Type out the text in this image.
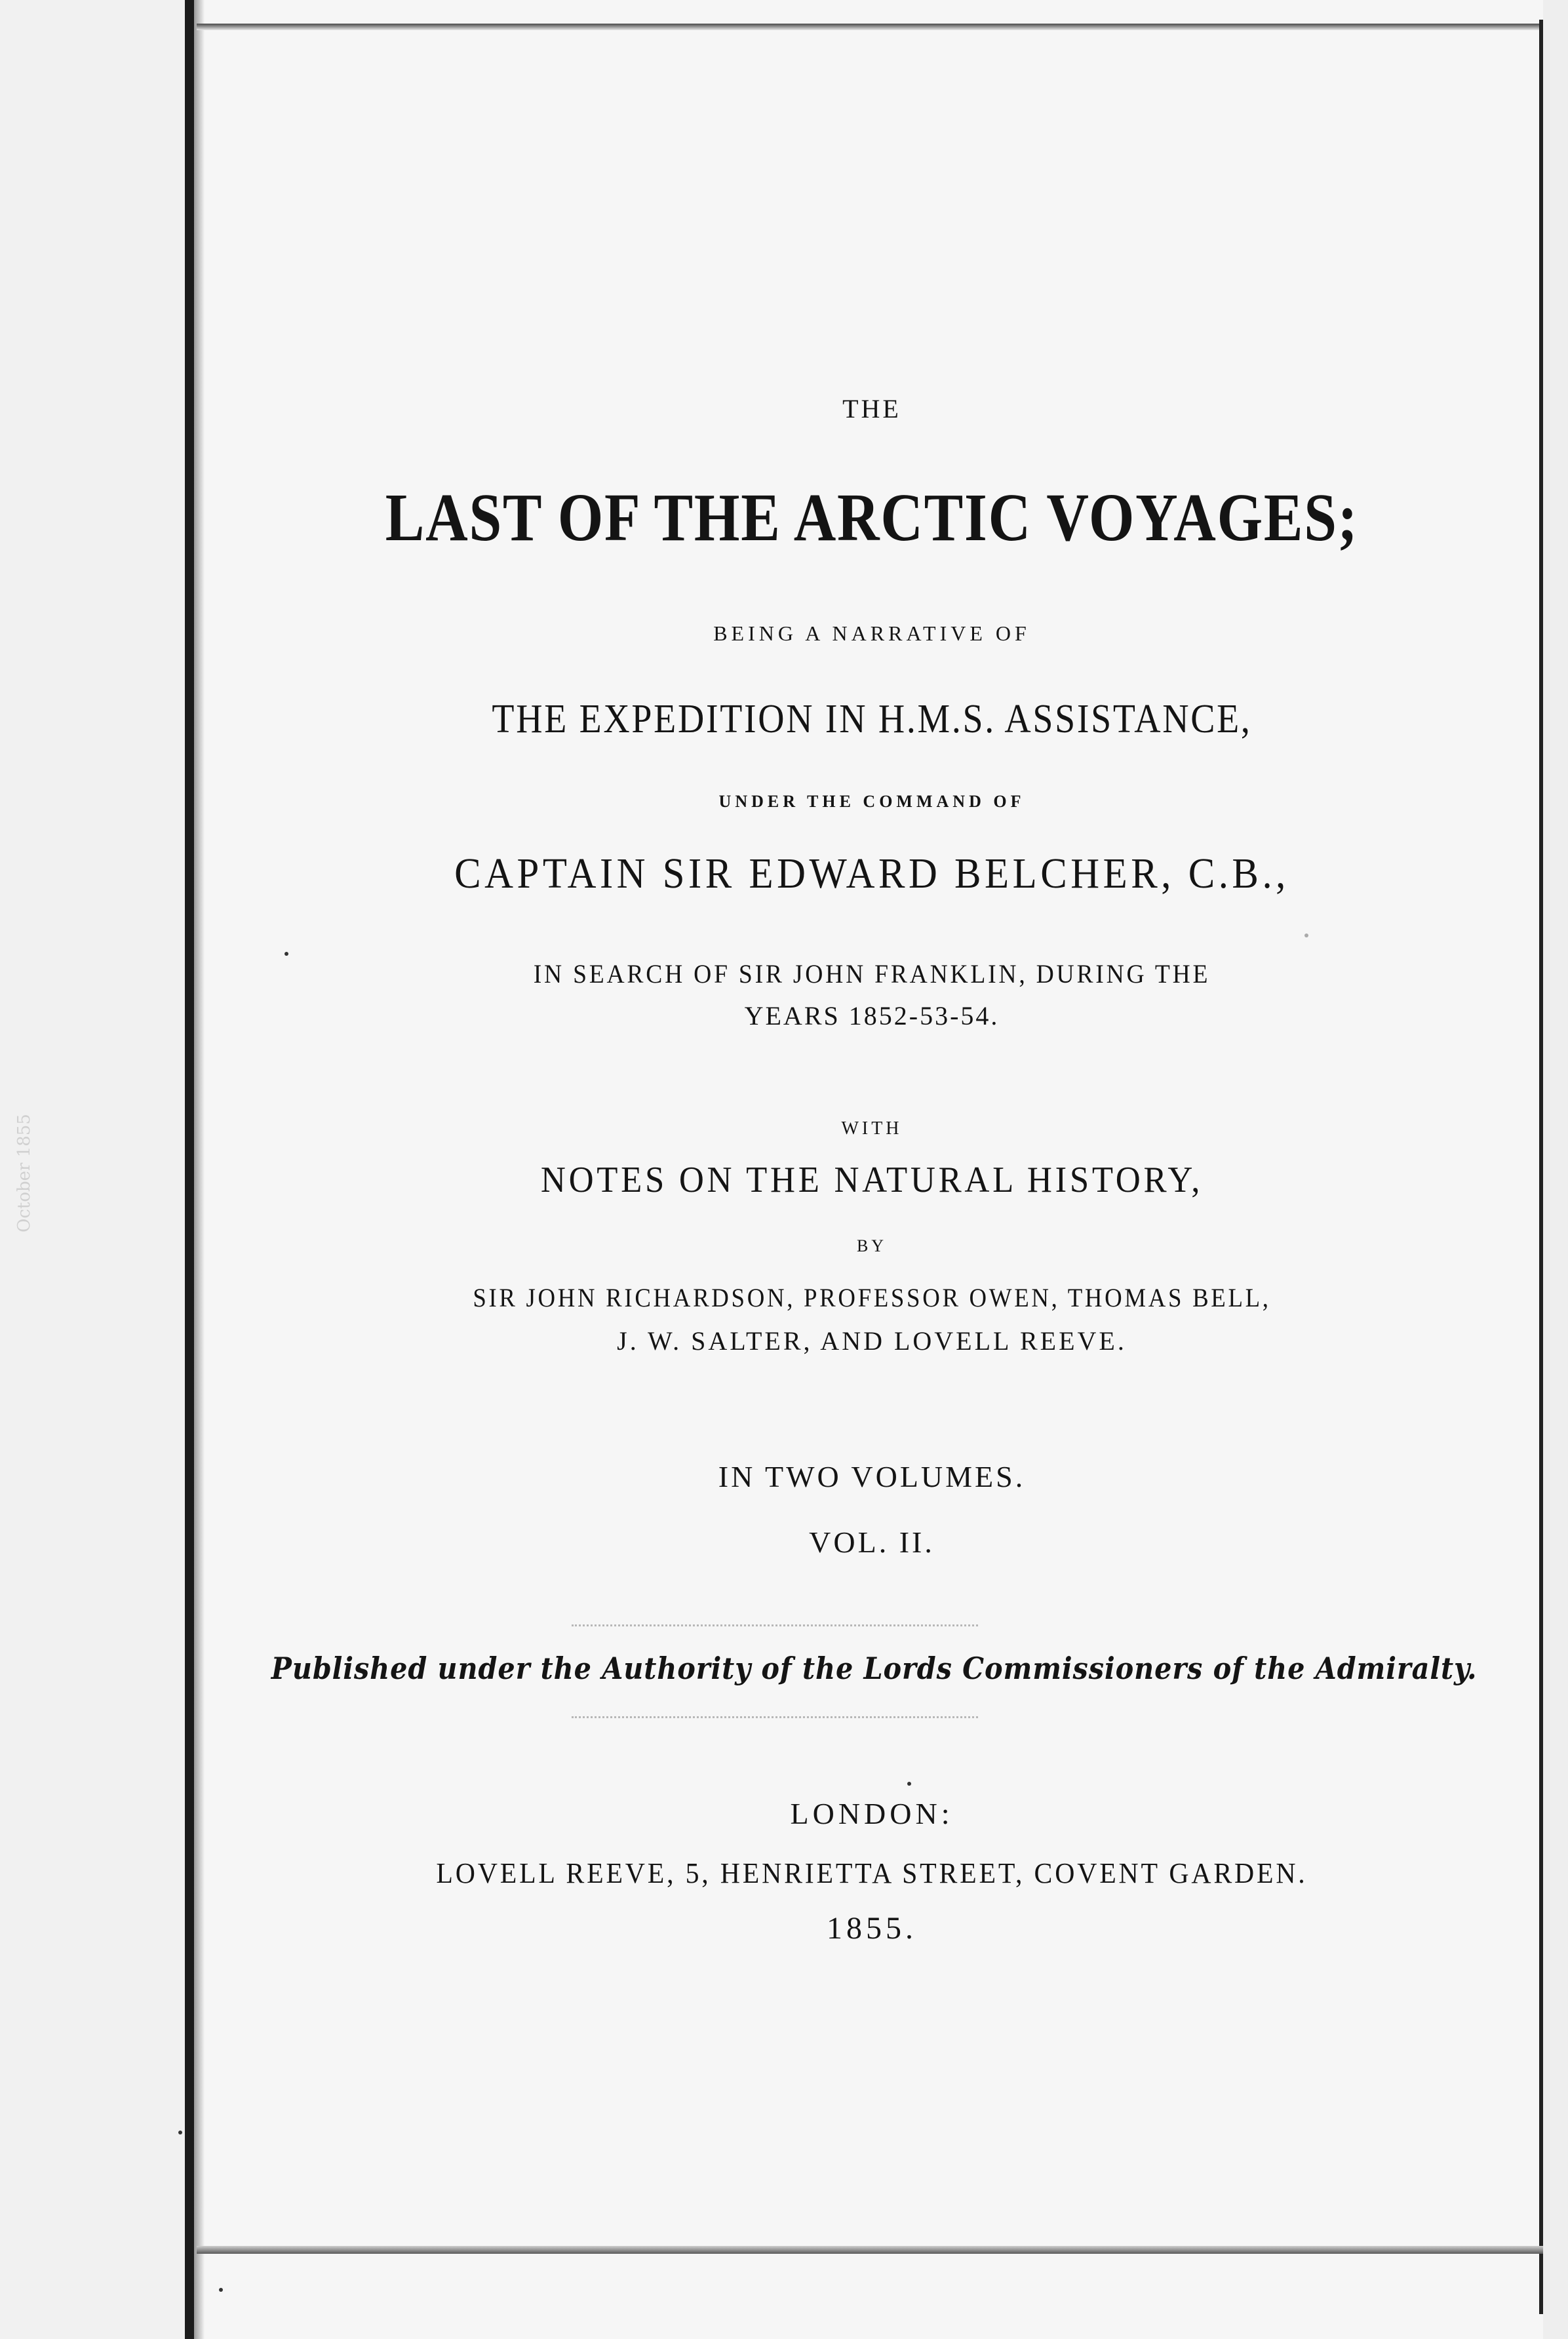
October 1855
THE
LAST OF THE ARCTIC VOYAGES;
BEING A NARRATIVE OF
THE EXPEDITION IN H.M.S. ASSISTANCE,
UNDER THE COMMAND OF
CAPTAIN SIR EDWARD BELCHER, C.B.,
IN SEARCH OF SIR JOHN FRANKLIN, DURING THE
YEARS 1852-53-54.
WITH
NOTES ON THE NATURAL HISTORY,
BY
SIR JOHN RICHARDSON, PROFESSOR OWEN, THOMAS BELL,
J. W. SALTER, AND LOVELL REEVE.
IN TWO VOLUMES.
VOL. II.
Published under the Authority of the Lords Commissioners of the Admiralty.
LONDON:
LOVELL REEVE, 5, HENRIETTA STREET, COVENT GARDEN.
1855.
